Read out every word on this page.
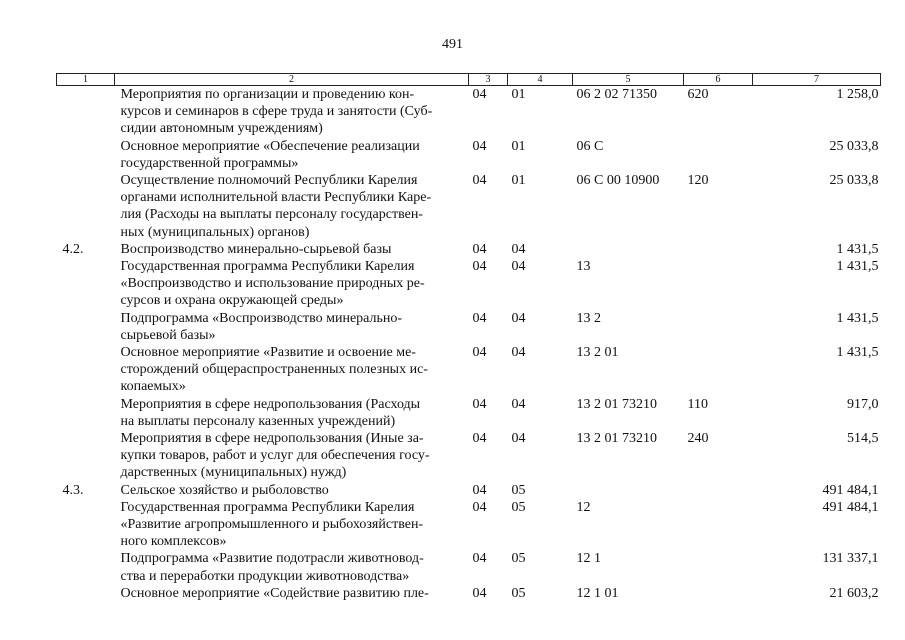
491
1	2	3	4	5	6	7
	Мероприятия по организации и проведению кон-
курсов и семинаров в сфере труда и занятости (Суб-
сидии автономным учреждениям)	04	01	06 2 02 71350	620	1 258,0
	Основное мероприятие «Обеспечение реализации
государственной программы»	04	01	06 С		25 033,8
	Осуществление полномочий Республики Карелия
органами исполнительной власти Республики Каре-
лия (Расходы на выплаты персоналу государствен-
ных (муниципальных) органов)	04	01	06 С 00 10900	120	25 033,8
4.2.	Воспроизводство минерально-сырьевой базы	04	04			1 431,5
	Государственная программа Республики Карелия
«Воспроизводство и использование природных ре-
сурсов и охрана окружающей среды»	04	04	13		1 431,5
	Подпрограмма «Воспроизводство минерально-
сырьевой базы»	04	04	13 2		1 431,5
	Основное мероприятие «Развитие и освоение ме-
сторождений общераспространенных полезных ис-
копаемых»	04	04	13 2 01		1 431,5
	Мероприятия в сфере недропользования (Расходы
на выплаты персоналу казенных учреждений)	04	04	13 2 01 73210	110	917,0
	Мероприятия в сфере недропользования (Иные за-
купки товаров, работ и услуг для обеспечения госу-
дарственных (муниципальных) нужд)	04	04	13 2 01 73210	240	514,5
4.3.	Сельское хозяйство и рыболовство	04	05			491 484,1
	Государственная программа Республики Карелия
«Развитие агропромышленного и рыбохозяйствен-
ного комплексов»	04	05	12		491 484,1
	Подпрограмма «Развитие подотрасли животновод-
ства и переработки продукции животноводства»	04	05	12 1		131 337,1
	Основное мероприятие «Содействие развитию пле-	04	05	12 1 01		21 603,2
